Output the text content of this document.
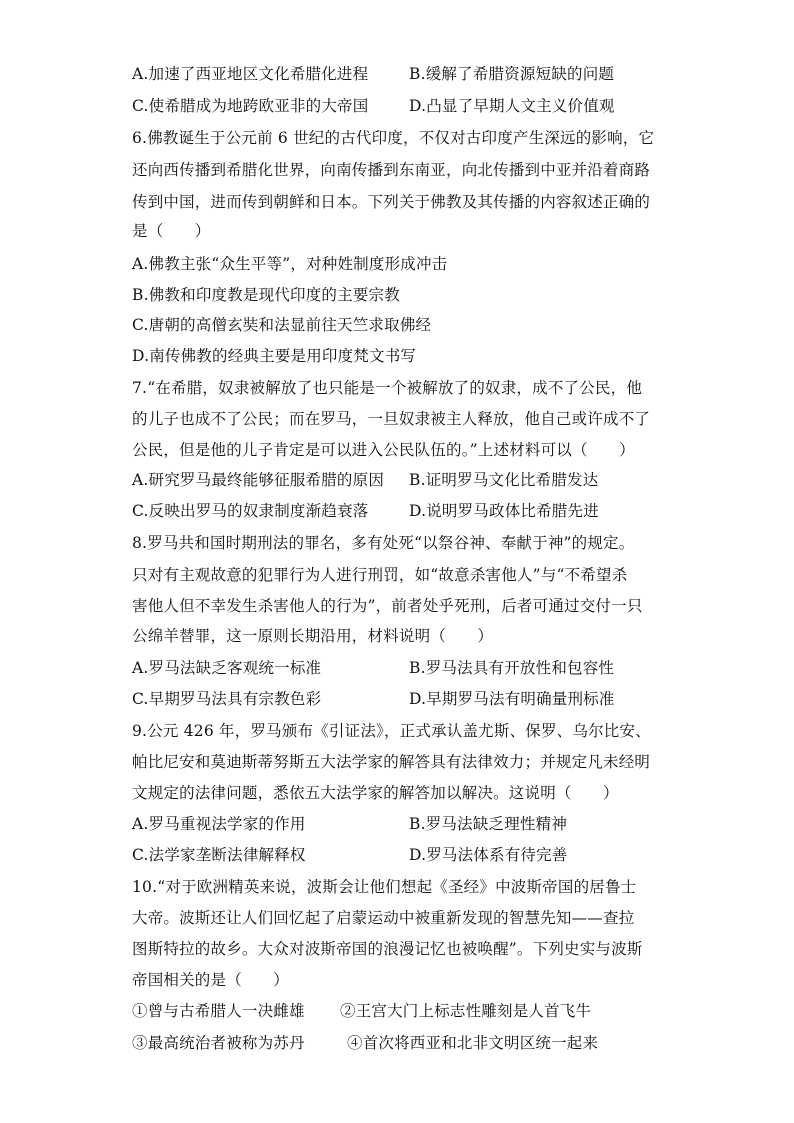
A.加速了西亚地区文化希腊化进程	B.缓解了希腊资源短缺的问题
C.使希腊成为地跨欧亚非的大帝国	D.凸显了早期人文主义价值观
6.佛教诞生于公元前 6 世纪的古代印度，不仅对古印度产生深远的影响，它
还向西传播到希腊化世界，向南传播到东南亚，向北传播到中亚并沿着商路
传到中国，进而传到朝鲜和日本。下列关于佛教及其传播的内容叙述正确的
是（　　）
A.佛教主张“众生平等”，对种姓制度形成冲击
B.佛教和印度教是现代印度的主要宗教
C.唐朝的高僧玄奘和法显前往天竺求取佛经
D.南传佛教的经典主要是用印度梵文书写
7.“在希腊，奴隶被解放了也只能是一个被解放了的奴隶，成不了公民，他
的儿子也成不了公民；而在罗马，一旦奴隶被主人释放，他自己或许成不了
公民，但是他的儿子肯定是可以进入公民队伍的。”上述材料可以（　　）
A.研究罗马最终能够征服希腊的原因 B.证明罗马文化比希腊发达
C.反映出罗马的奴隶制度渐趋衰落	D.说明罗马政体比希腊先进
8.罗马共和国时期刑法的罪名，多有处死“以祭谷神、奉献于神”的规定。
只对有主观故意的犯罪行为人进行刑罚，如“故意杀害他人”与“不希望杀
害他人但不幸发生杀害他人的行为”，前者处乎死刑，后者可通过交付一只
公绵羊替罪，这一原则长期沿用，材料说明（　　）
A.罗马法缺乏客观统一标准	B.罗马法具有开放性和包容性
C.早期罗马法具有宗教色彩	D.早期罗马法有明确量刑标准
9.公元 426 年，罗马颁布《引证法》，正式承认盖尤斯、保罗、乌尔比安、
帕比尼安和莫迪斯蒂努斯五大法学家的解答具有法律效力；并规定凡未经明
文规定的法律问题，悉依五大法学家的解答加以解决。这说明（　　）
A.罗马重视法学家的作用	B.罗马法缺乏理性精神
C.法学家垄断法律解释权	D.罗马法体系有待完善
10.“对于欧洲精英来说，波斯会让他们想起《圣经》中波斯帝国的居鲁士
大帝。波斯还让人们回忆起了启蒙运动中被重新发现的智慧先知——查拉
图斯特拉的故乡。大众对波斯帝国的浪漫记忆也被唤醒”。下列史实与波斯
帝国相关的是（　　）
①曾与古希腊人一决雌雄 ②王宫大门上标志性雕刻是人首飞牛
③最高统治者被称为苏丹	④首次将西亚和北非文明区统一起来
